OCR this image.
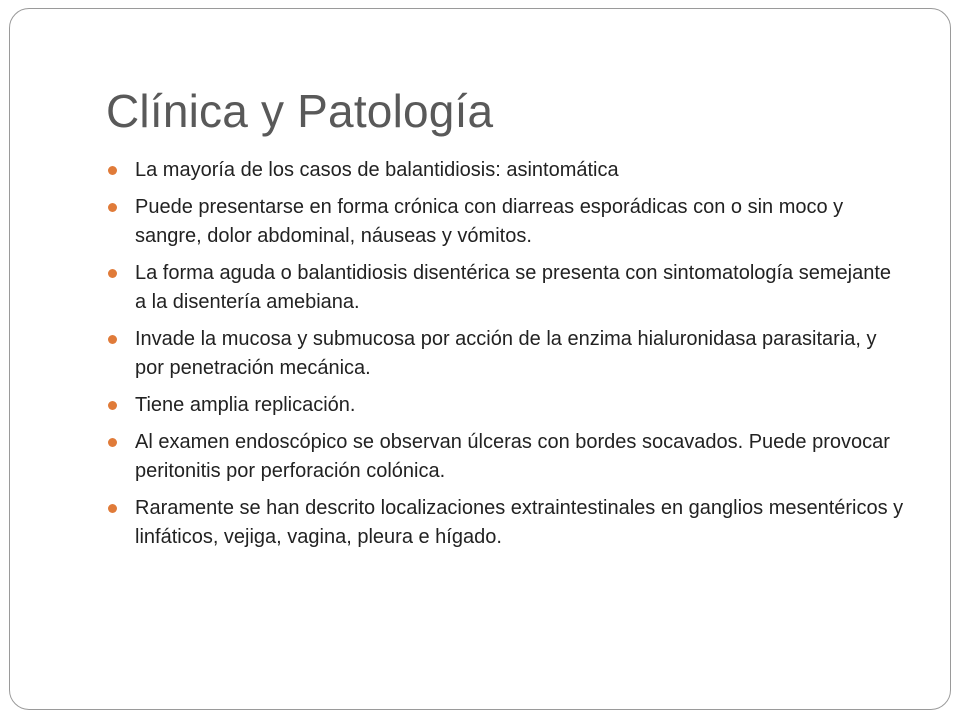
Clínica y Patología
La mayoría de los casos de balantidiosis: asintomática
Puede presentarse en forma crónica con diarreas esporádicas con o sin moco y sangre, dolor abdominal, náuseas y vómitos.
La forma aguda o balantidiosis disentérica se presenta con sintomatología semejante a la disentería amebiana.
Invade la mucosa y submucosa por acción de la enzima hialuronidasa parasitaria, y por penetración mecánica.
Tiene amplia replicación.
Al examen endoscópico se observan úlceras con bordes socavados. Puede provocar peritonitis por perforación colónica.
Raramente se han descrito localizaciones extraintestinales en ganglios mesentéricos y linfáticos, vejiga, vagina, pleura e hígado.
